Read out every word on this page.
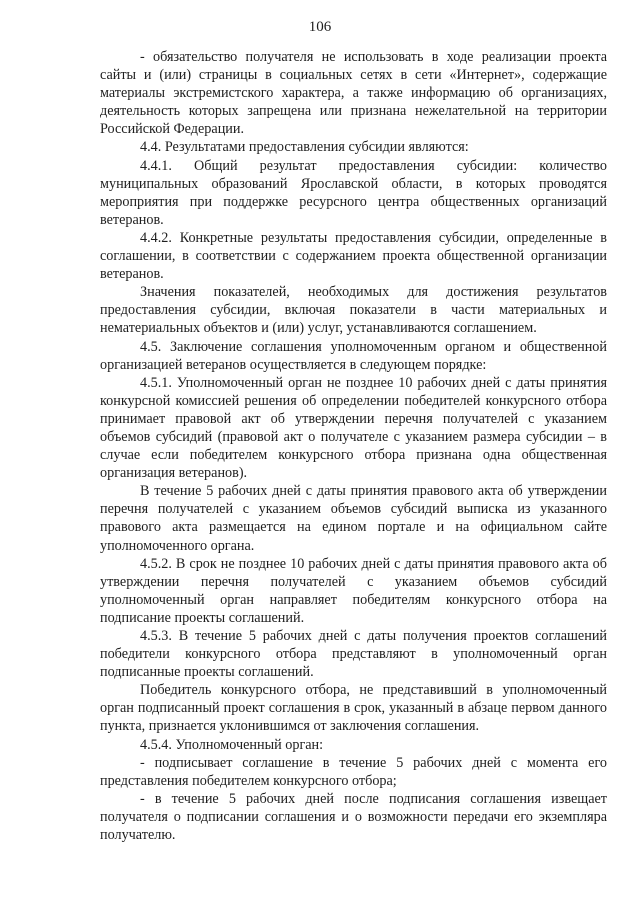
106

- обязательство получателя не использовать в ходе реализации проекта сайты и (или) страницы в социальных сетях в сети «Интернет», содержащие материалы экстремистского характера, а также информацию об организациях, деятельность которых запрещена или признана нежелательной на территории Российской Федерации.

4.4. Результатами предоставления субсидии являются:

4.4.1. Общий результат предоставления субсидии: количество муниципальных образований Ярославской области, в которых проводятся мероприятия при поддержке ресурсного центра общественных организаций ветеранов.

4.4.2. Конкретные результаты предоставления субсидии, определенные в соглашении, в соответствии с содержанием проекта общественной организации ветеранов.

Значения показателей, необходимых для достижения результатов предоставления субсидии, включая показатели в части материальных и нематериальных объектов и (или) услуг, устанавливаются соглашением.

4.5. Заключение соглашения уполномоченным органом и общественной организацией ветеранов осуществляется в следующем порядке:

4.5.1. Уполномоченный орган не позднее 10 рабочих дней с даты принятия конкурсной комиссией решения об определении победителей конкурсного отбора принимает правовой акт об утверждении перечня получателей с указанием объемов субсидий (правовой акт о получателе с указанием размера субсидии – в случае если победителем конкурсного отбора признана одна общественная организация ветеранов).

В течение 5 рабочих дней с даты принятия правового акта об утверждении перечня получателей с указанием объемов субсидий выписка из указанного правового акта размещается на едином портале и на официальном сайте уполномоченного органа.

4.5.2. В срок не позднее 10 рабочих дней с даты принятия правового акта об утверждении перечня получателей с указанием объемов субсидий уполномоченный орган направляет победителям конкурсного отбора на подписание проекты соглашений.

4.5.3. В течение 5 рабочих дней с даты получения проектов соглашений победители конкурсного отбора представляют в уполномоченный орган подписанные проекты соглашений.

Победитель конкурсного отбора, не представивший в уполномоченный орган подписанный проект соглашения в срок, указанный в абзаце первом данного пункта, признается уклонившимся от заключения соглашения.

4.5.4. Уполномоченный орган:

- подписывает соглашение в течение 5 рабочих дней с момента его представления победителем конкурсного отбора;

- в течение 5 рабочих дней после подписания соглашения извещает получателя о подписании соглашения и о возможности передачи его экземпляра получателю.
